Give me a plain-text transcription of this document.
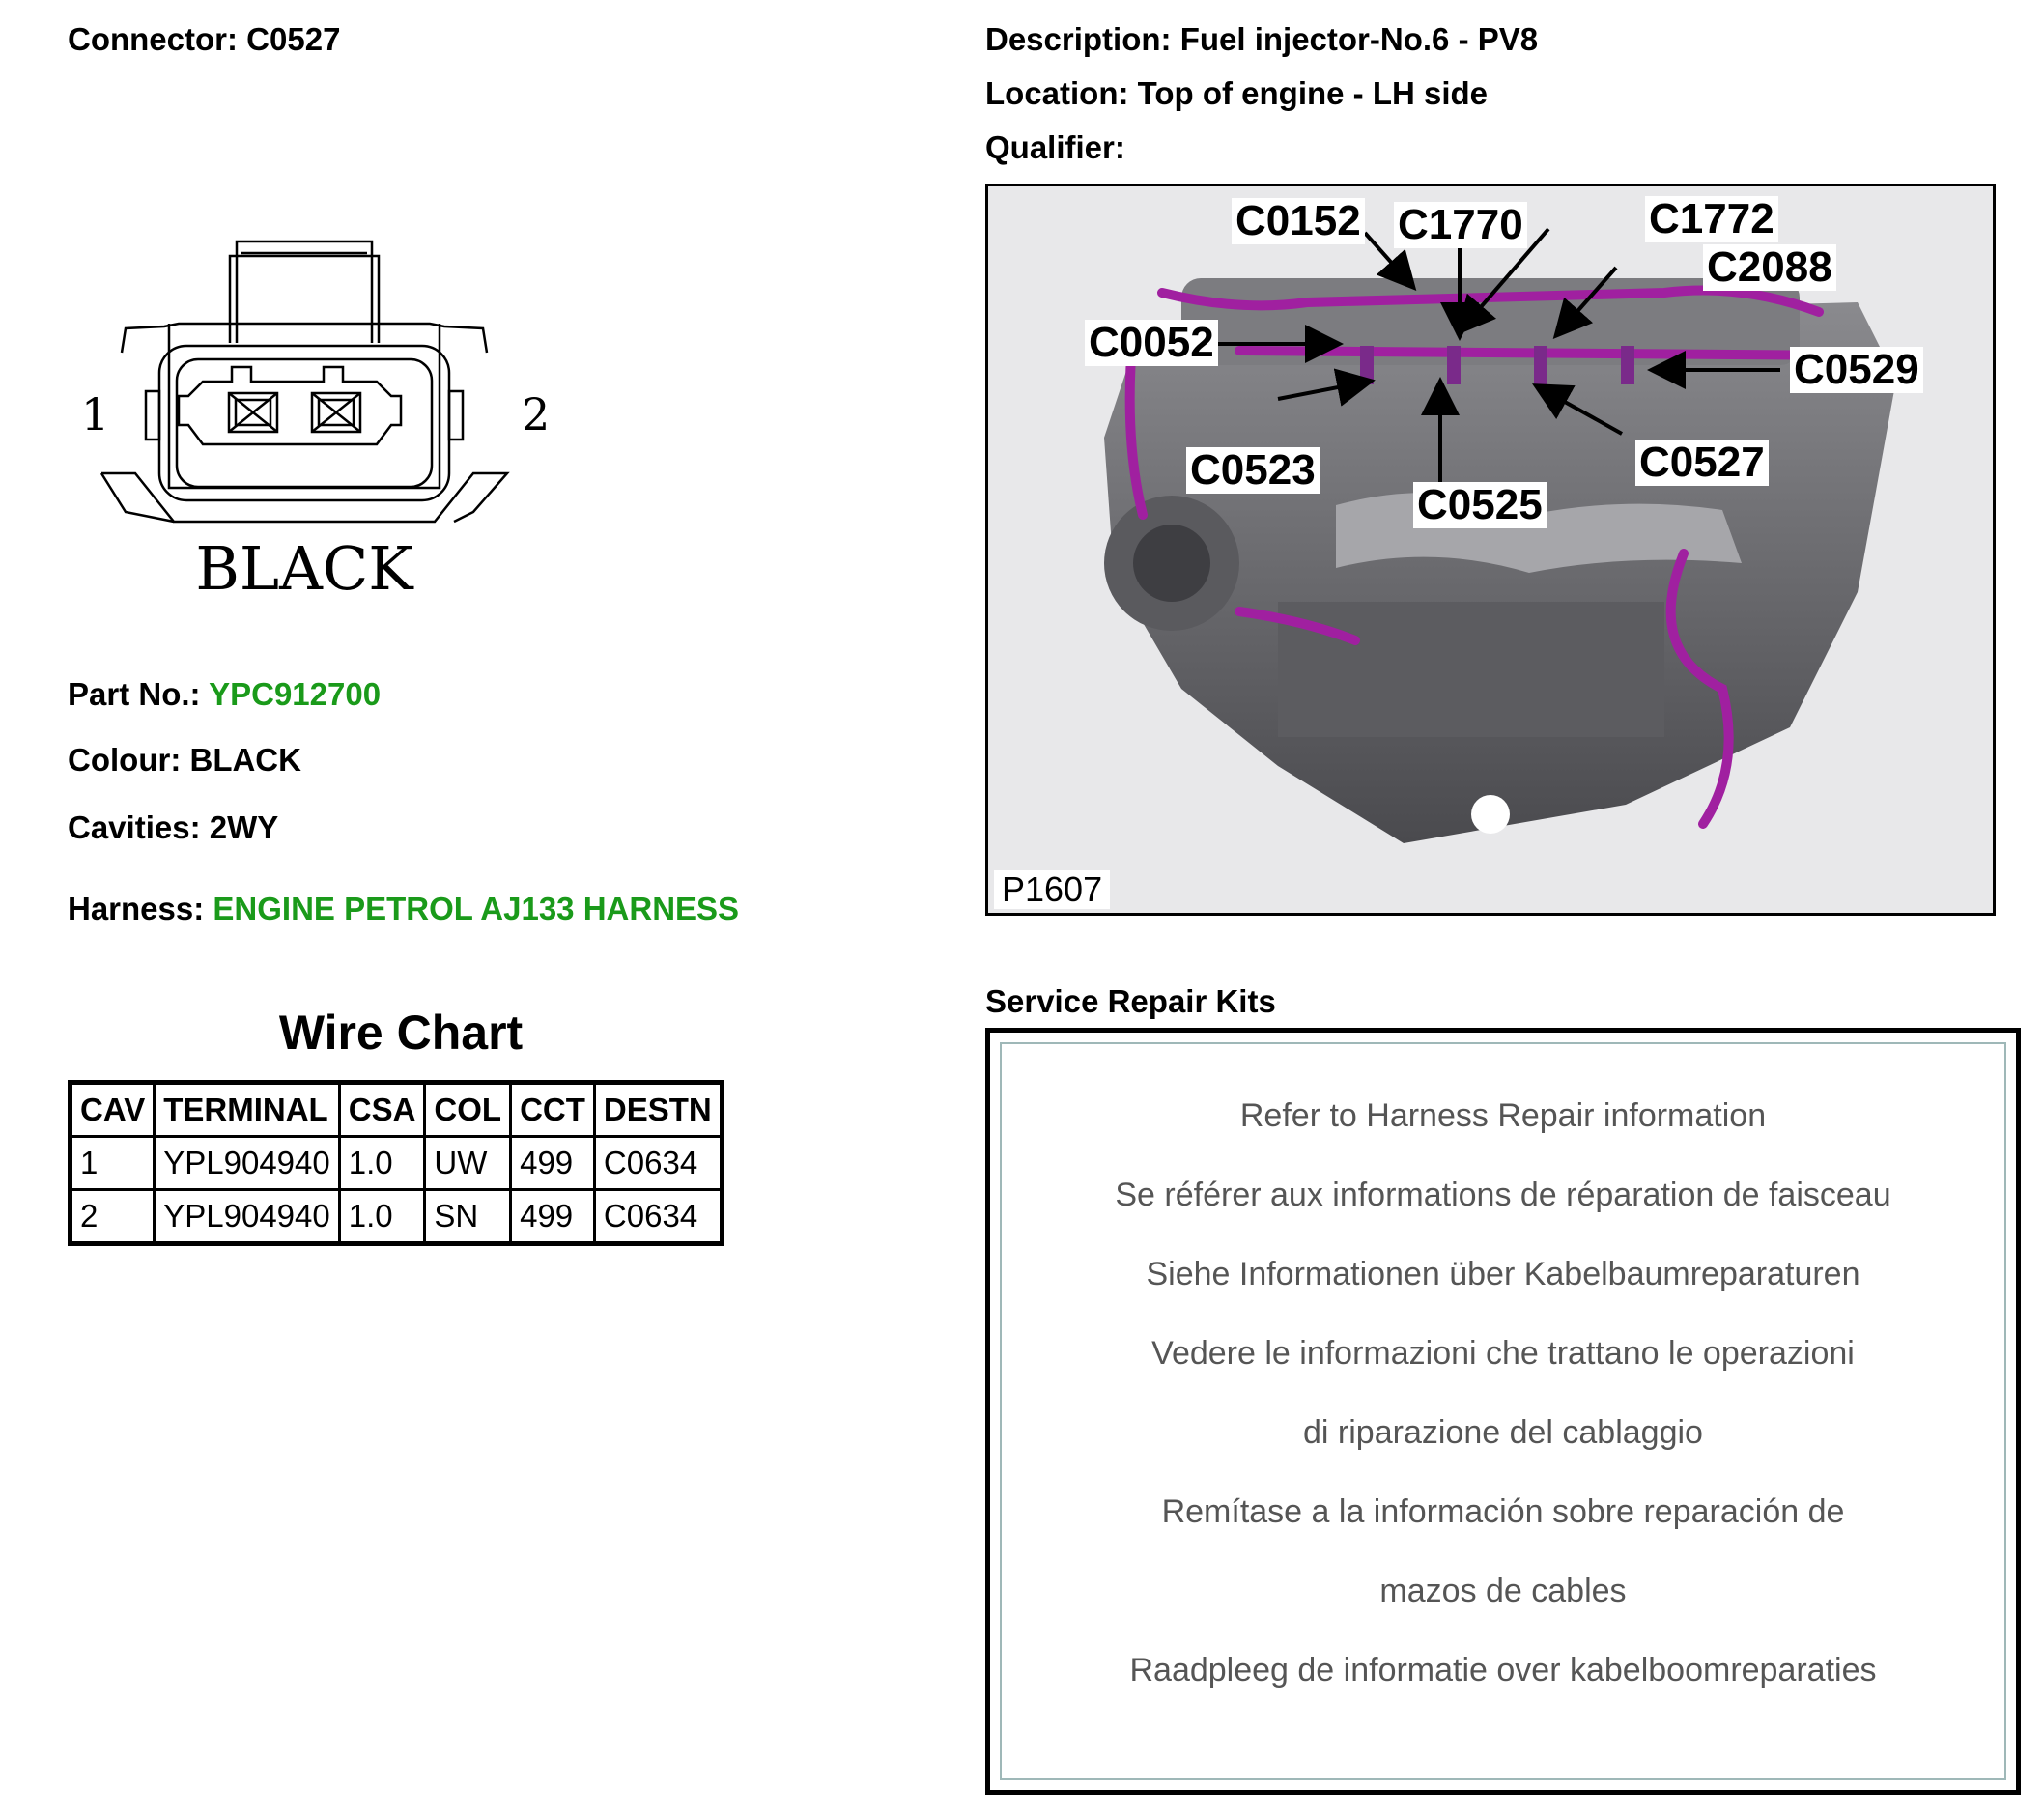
Connector: C0527	Description: Fuel injector-No.6 - PV8
Location: Top of engine - LH side
Qualifier:
1	2
BLACK
Part No.: YPC912700
Colour: BLACK
Cavities: 2WY
Harness: ENGINE PETROL AJ133 HARNESS
Wire Chart
CAV	TERMINAL	CSA	COL	CCT	DESTN
1	YPL904940	1.0	UW	499	C0634
2	YPL904940	1.0	SN	499	C0634
C0152 C1770	C1772
C2088
C0052
C0529
C0523
C0525
C0527
P1607
Service Repair Kits
Refer to Harness Repair information
Se référer aux informations de réparation de faisceau
Siehe Informationen über Kabelbaumreparaturen
Vedere le informazioni che trattano le operazioni
di riparazione del cablaggio
Remítase a la información sobre reparación de
mazos de cables
Raadpleeg de informatie over kabelboomreparaties
